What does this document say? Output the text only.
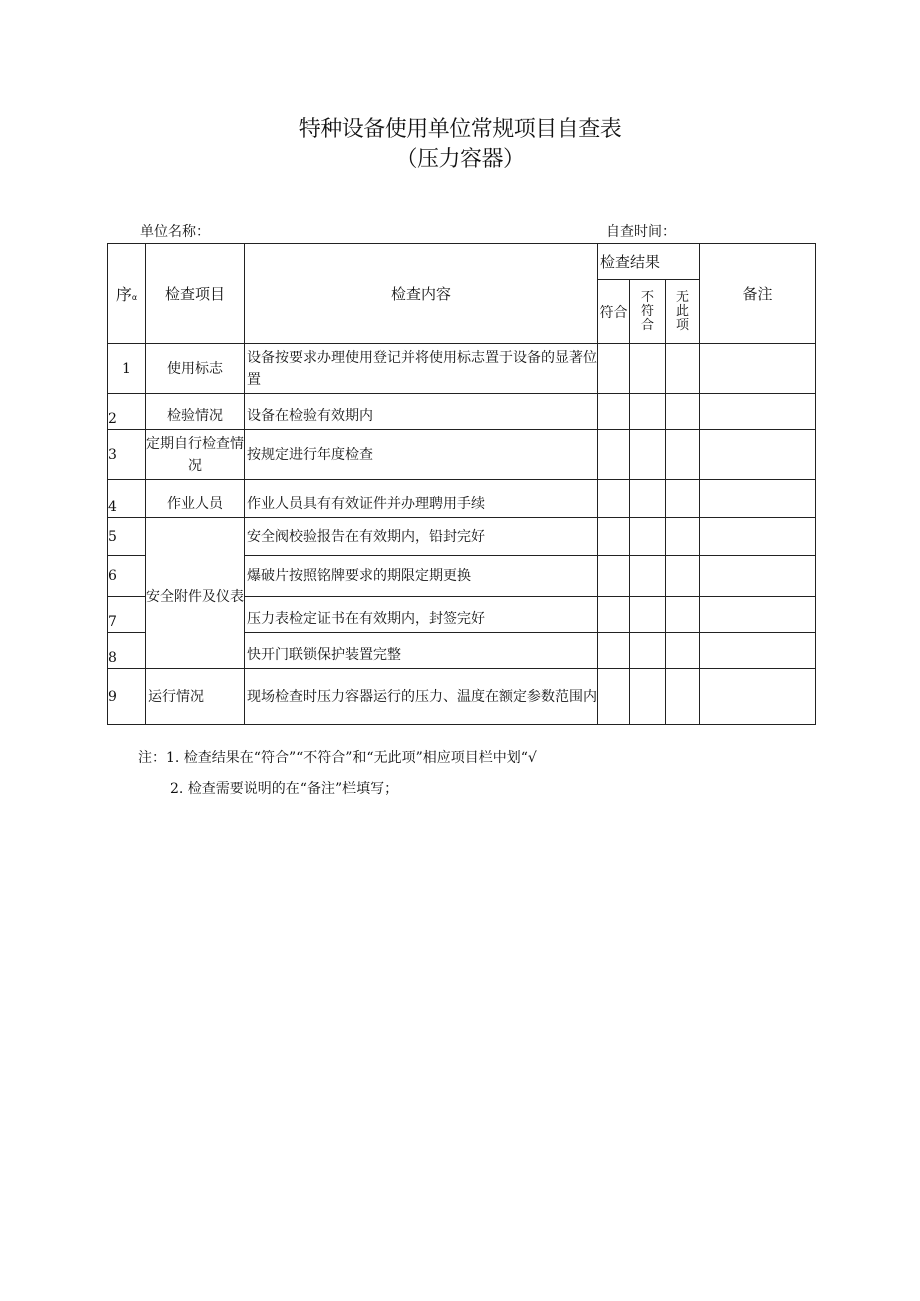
特种设备使用单位常规项目自查表
（压力容器）
单位名称：	自查时间：
序α	检查项目	检查内容	检查结果			备注
			符合	不符合	无此项	
1	使用标志	设备按要求办理使用登记并将使用标志置于设备的显著位置				
2	检验情况	设备在检验有效期内				
3	定期自行检查情况	按规定进行年度检查				
4	作业人员	作业人员具有有效证件并办理聘用手续				
5	安全附件及仪表	安全阀校验报告在有效期内，铅封完好				
6		爆破片按照铭牌要求的期限定期更换				
7		压力表检定证书在有效期内，封签完好				
8		快开门联锁保护装置完整				
9	运行情况	现场检查时压力容器运行的压力、温度在额定参数范围内				
注：1. 检查结果在“符合”“不符合”和“无此项”相应项目栏中划“√
2. 检查需要说明的在“备注”栏填写；
